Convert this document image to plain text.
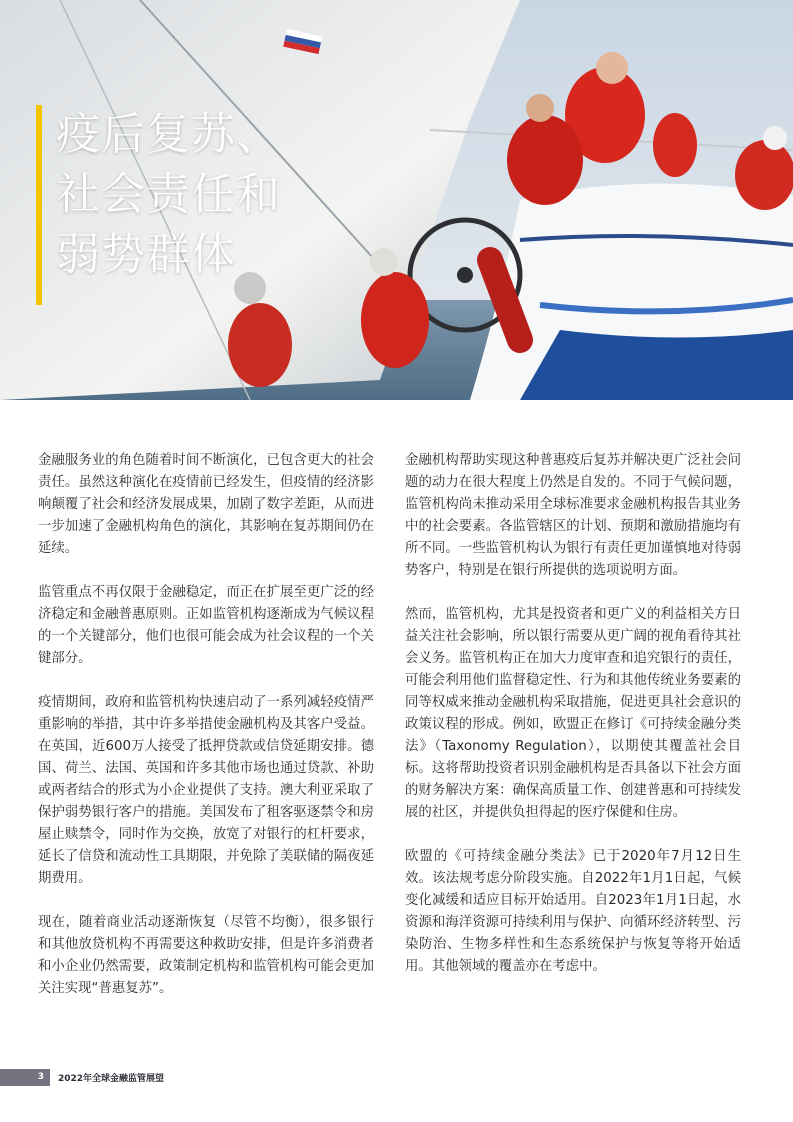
疫后复苏、
社会责任和
弱势群体

金融服务业的角色随着时间不断演化，已包含更大的社会责任。虽然这种演化在疫情前已经发生，但疫情的经济影响颠覆了社会和经济发展成果，加剧了数字差距，从而进一步加速了金融机构角色的演化，其影响在复苏期间仍在延续。

监管重点不再仅限于金融稳定，而正在扩展至更广泛的经济稳定和金融普惠原则。正如监管机构逐渐成为气候议程的一个关键部分，他们也很可能会成为社会议程的一个关键部分。

疫情期间，政府和监管机构快速启动了一系列减轻疫情严重影响的举措，其中许多举措使金融机构及其客户受益。在英国，近600万人接受了抵押贷款或信贷延期安排。德国、荷兰、法国、英国和许多其他市场也通过贷款、补助或两者结合的形式为小企业提供了支持。澳大利亚采取了保护弱势银行客户的措施。美国发布了租客驱逐禁令和房屋止赎禁令，同时作为交换，放宽了对银行的杠杆要求，延长了信贷和流动性工具期限，并免除了美联储的隔夜延期费用。

现在，随着商业活动逐渐恢复（尽管不均衡），很多银行和其他放贷机构不再需要这种救助安排，但是许多消费者和小企业仍然需要，政策制定机构和监管机构可能会更加关注实现“普惠复苏”。

金融机构帮助实现这种普惠疫后复苏并解决更广泛社会问题的动力在很大程度上仍然是自发的。不同于气候问题，监管机构尚未推动采用全球标准要求金融机构报告其业务中的社会要素。各监管辖区的计划、预期和激励措施均有所不同。一些监管机构认为银行有责任更加谨慎地对待弱势客户，特别是在银行所提供的选项说明方面。

然而，监管机构，尤其是投资者和更广义的利益相关方日益关注社会影响，所以银行需要从更广阔的视角看待其社会义务。监管机构正在加大力度审查和追究银行的责任，可能会利用他们监督稳定性、行为和其他传统业务要素的同等权威来推动金融机构采取措施，促进更具社会意识的政策议程的形成。例如，欧盟正在修订《可持续金融分类法》（Taxonomy Regulation），以期使其覆盖社会目标。这将帮助投资者识别金融机构是否具备以下社会方面的财务解决方案：确保高质量工作、创建普惠和可持续发展的社区，并提供负担得起的医疗保健和住房。

欧盟的《可持续金融分类法》已于2020年7月12日生效。该法规考虑分阶段实施。自2022年1月1日起，气候变化减缓和适应目标开始适用。自2023年1月1日起，水资源和海洋资源可持续利用与保护、向循环经济转型、污染防治、生物多样性和生态系统保护与恢复等将开始适用。其他领域的覆盖亦在考虑中。

3	2022年全球金融监管展望
